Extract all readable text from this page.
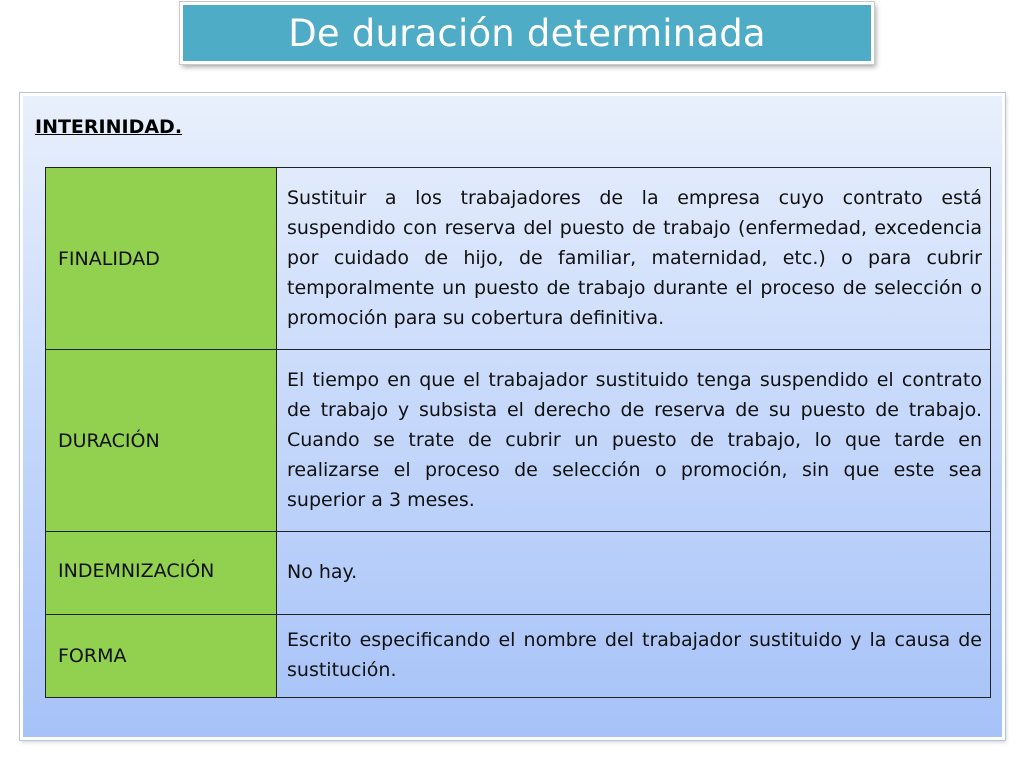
De duración determinada
INTERINIDAD.
FINALIDAD	Sustituir a los trabajadores de la empresa cuyo contrato está suspendido con reserva del puesto de trabajo (enfermedad, excedencia por cuidado de hijo, de familiar, maternidad, etc.) o para cubrir temporalmente un puesto de trabajo durante el proceso de selección o promoción para su cobertura definitiva.
DURACIÓN	El tiempo en que el trabajador sustituido tenga suspendido el contrato de trabajo y subsista el derecho de reserva de su puesto de trabajo. Cuando se trate de cubrir un puesto de trabajo, lo que tarde en realizarse el proceso de selección o promoción, sin que este sea superior a 3 meses.
INDEMNIZACIÓN	No hay.
FORMA	Escrito especificando el nombre del trabajador sustituido y la causa de sustitución.
